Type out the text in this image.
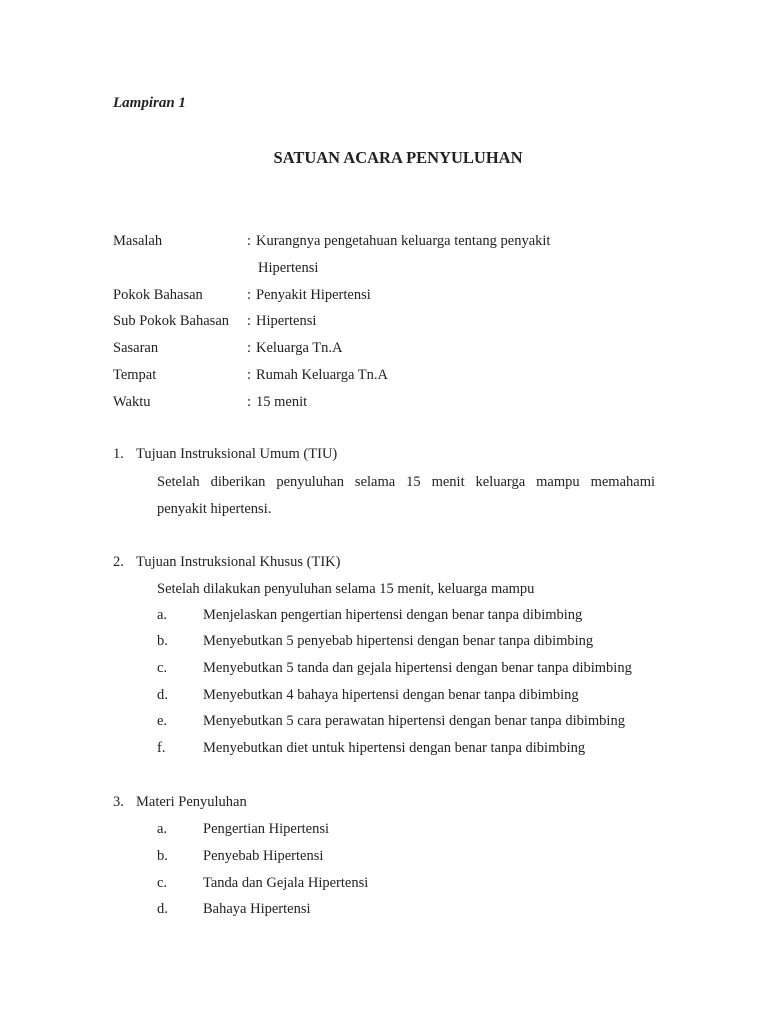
Lampiran 1
SATUAN ACARA PENYULUHAN
Masalah	: Kurangnya pengetahuan keluarga tentang penyakit
Hipertensi
Pokok Bahasan	: Penyakit Hipertensi
Sub Pokok Bahasan : Hipertensi
Sasaran	: Keluarga Tn.A
Tempat	: Rumah Keluarga Tn.A
Waktu	: 15 menit
1. Tujuan Instruksional Umum (TIU)
Setelah diberikan penyuluhan selama 15 menit keluarga mampu memahami
penyakit hipertensi.
2. Tujuan Instruksional Khusus (TIK)
Setelah dilakukan penyuluhan selama 15 menit, keluarga mampu
a. Menjelaskan pengertian hipertensi dengan benar tanpa dibimbing
b. Menyebutkan 5 penyebab hipertensi dengan benar tanpa dibimbing
c. Menyebutkan 5 tanda dan gejala hipertensi dengan benar tanpa dibimbing
d. Menyebutkan 4 bahaya hipertensi dengan benar tanpa dibimbing
e. Menyebutkan 5 cara perawatan hipertensi dengan benar tanpa dibimbing
f.	Menyebutkan diet untuk hipertensi dengan benar tanpa dibimbing
3. Materi Penyuluhan
a. Pengertian Hipertensi
b. Penyebab Hipertensi
c. Tanda dan Gejala Hipertensi
d. Bahaya Hipertensi
